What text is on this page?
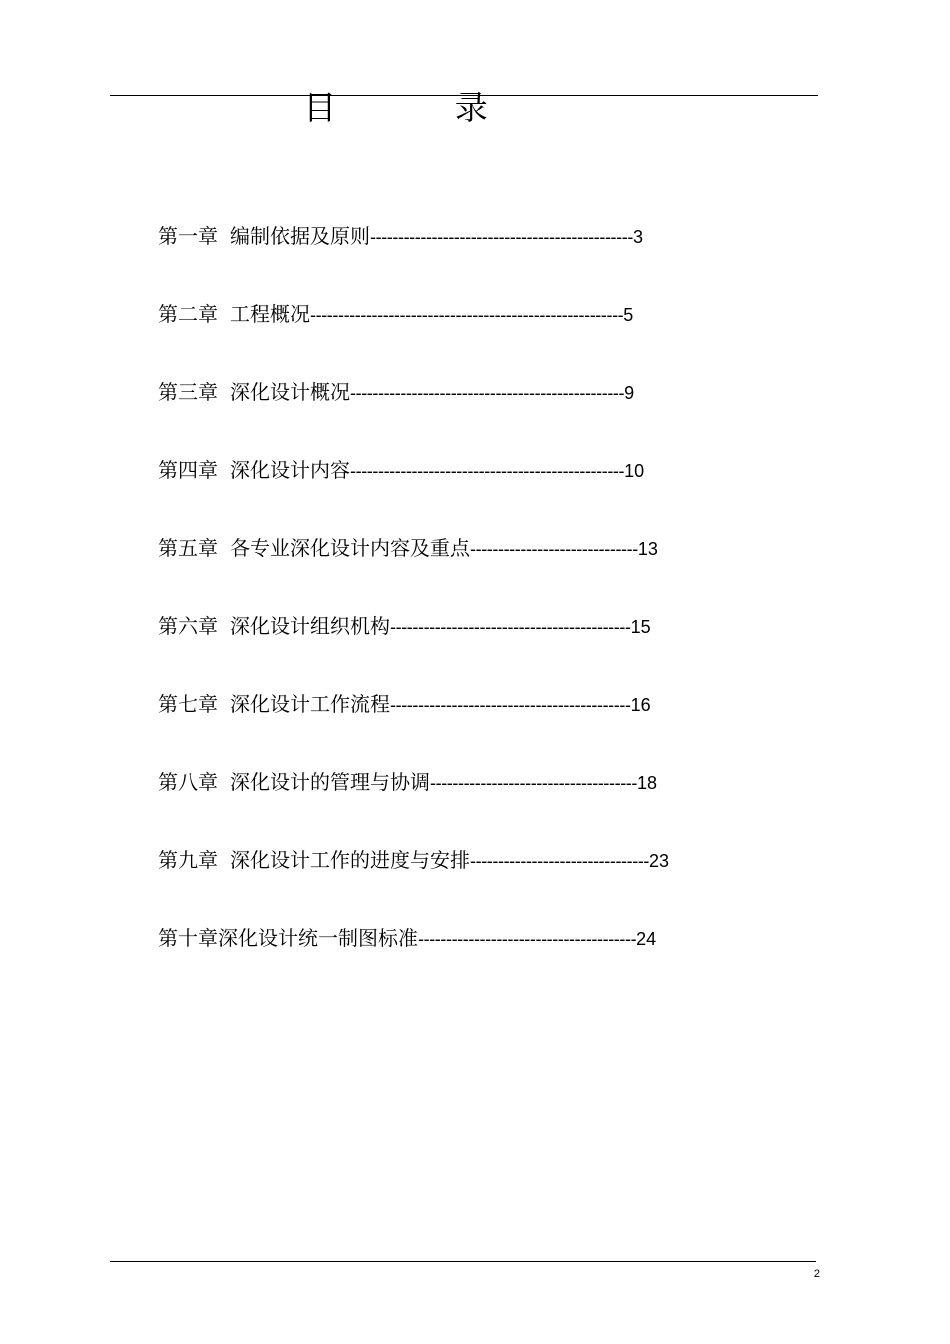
目 录
第一章 编制依据及原则-----------------------------------------------3
第二章 工程概况--------------------------------------------------------5
第三章 深化设计概况-------------------------------------------------9
第四章 深化设计内容-------------------------------------------------10
第五章 各专业深化设计内容及重点------------------------------13
第六章 深化设计组织机构-------------------------------------------15
第七章 深化设计工作流程-------------------------------------------16
第八章 深化设计的管理与协调-------------------------------------18
第九章 深化设计工作的进度与安排--------------------------------23
第十章深化设计统一制图标准---------------------------------------24
2
